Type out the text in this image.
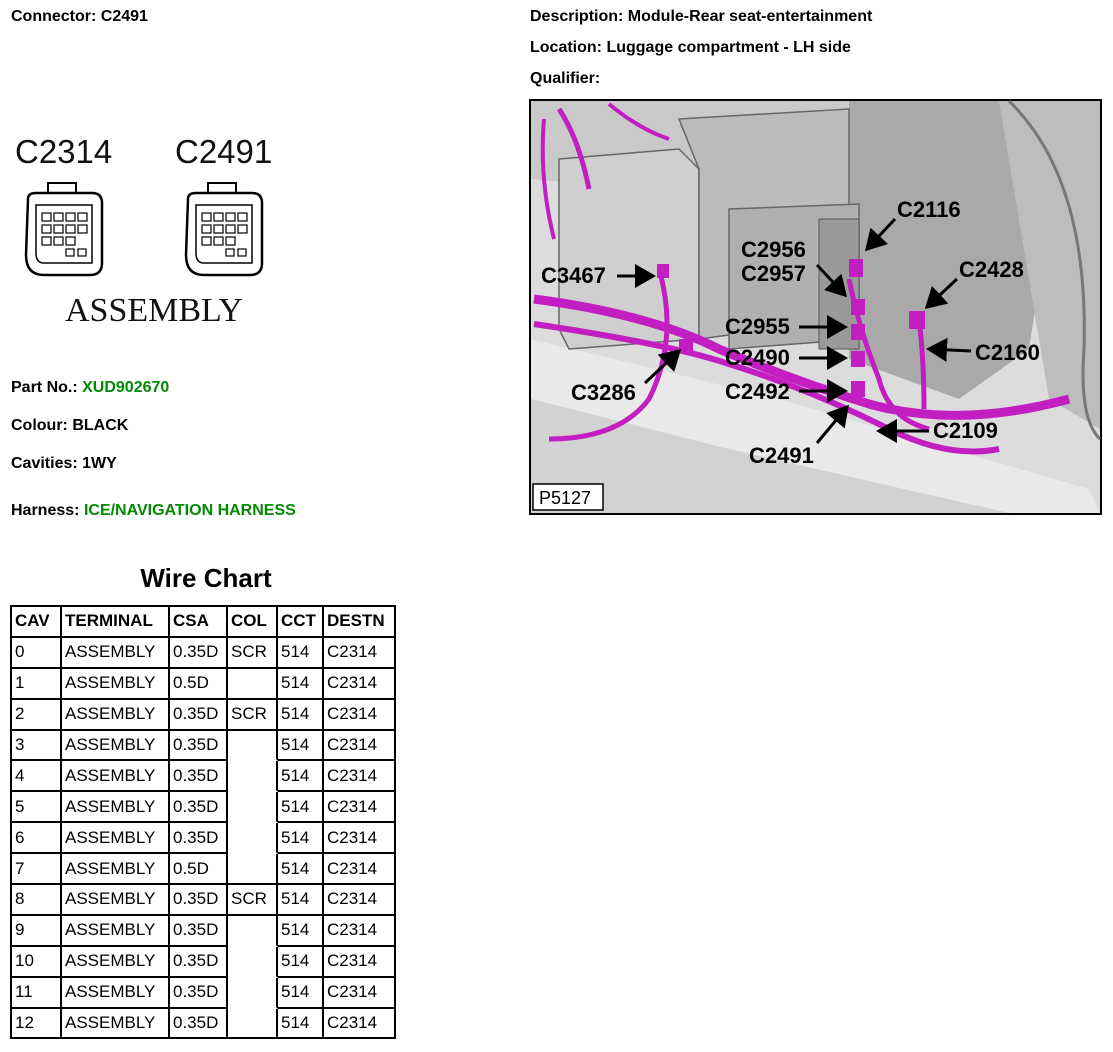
Connector: C2491	Description: Module-Rear seat-entertainment
Location: Luggage compartment - LH side
Qualifier:
C2314 C2491
ASSEMBLY
Part No.: XUD902670
Colour: BLACK
Cavities: 1WY
Harness: ICE/NAVIGATION HARNESS
C2116
C2956
C2957	C2428
C3467
C2955
C2160
C2490
C3286	C2492
C2109
C2491
P5127
Wire Chart
CAV	TERMINAL	CSA	COL	CCT	DESTN
0	ASSEMBLY	0.35D	SCR	514	C2314
1	ASSEMBLY	0.5D		514	C2314
2	ASSEMBLY	0.35D	SCR	514	C2314
3	ASSEMBLY	0.35D		514	C2314
4	ASSEMBLY	0.35D		514	C2314
5	ASSEMBLY	0.35D		514	C2314
6	ASSEMBLY	0.35D		514	C2314
7	ASSEMBLY	0.5D		514	C2314
8	ASSEMBLY	0.35D	SCR	514	C2314
9	ASSEMBLY	0.35D		514	C2314
10	ASSEMBLY	0.35D		514	C2314
11	ASSEMBLY	0.35D		514	C2314
12	ASSEMBLY	0.35D		514	C2314
